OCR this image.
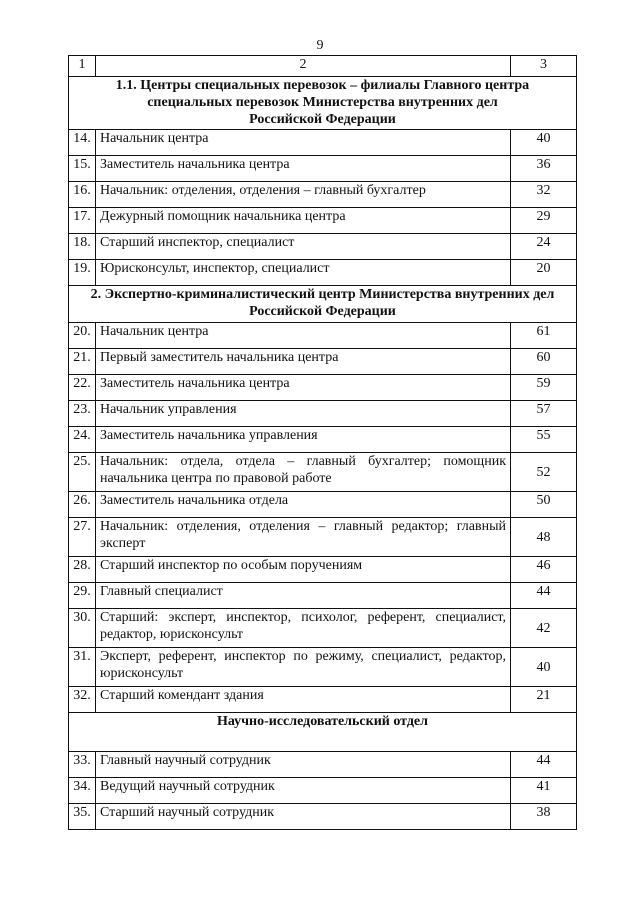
9
1	2	3

1.1. Центры специальных перевозок – филиалы Главного центра
специальных перевозок Министерства внутренних дел
Российской Федерации		

14.	Начальник центра	40
15.	Заместитель начальника центра	36
16.	Начальник: отделения, отделения – главный бухгалтер	32
17.	Дежурный помощник начальника центра	29
18.	Старший инспектор, специалист	24
19.	Юрисконсульт, инспектор, специалист	20

2. Экспертно-криминалистический центр Министерства внутренних дел
Российской Федерации		

20.	Начальник центра	61
21.	Первый заместитель начальника центра	60
22.	Заместитель начальника центра	59
23.	Начальник управления	57
24.	Заместитель начальника управления	55
25.	Начальник: отдела, отдела – главный бухгалтер; помощник начальника центра по правовой работе	52
26.	Заместитель начальника отдела	50
27.	Начальник: отделения, отделения – главный редактор; главный эксперт	48
28.	Старший инспектор по особым поручениям	46
29.	Главный специалист	44
30.	Старший: эксперт, инспектор, психолог, референт, специалист, редактор, юрисконсульт	42
31.	Эксперт, референт, инспектор по режиму, специалист, редактор, юрисконсульт	40
32.	Старший комендант здания	21

Научно-исследовательский отдел		

33.	Главный научный сотрудник	44
34.	Ведущий научный сотрудник	41
35.	Старший научный сотрудник	38
